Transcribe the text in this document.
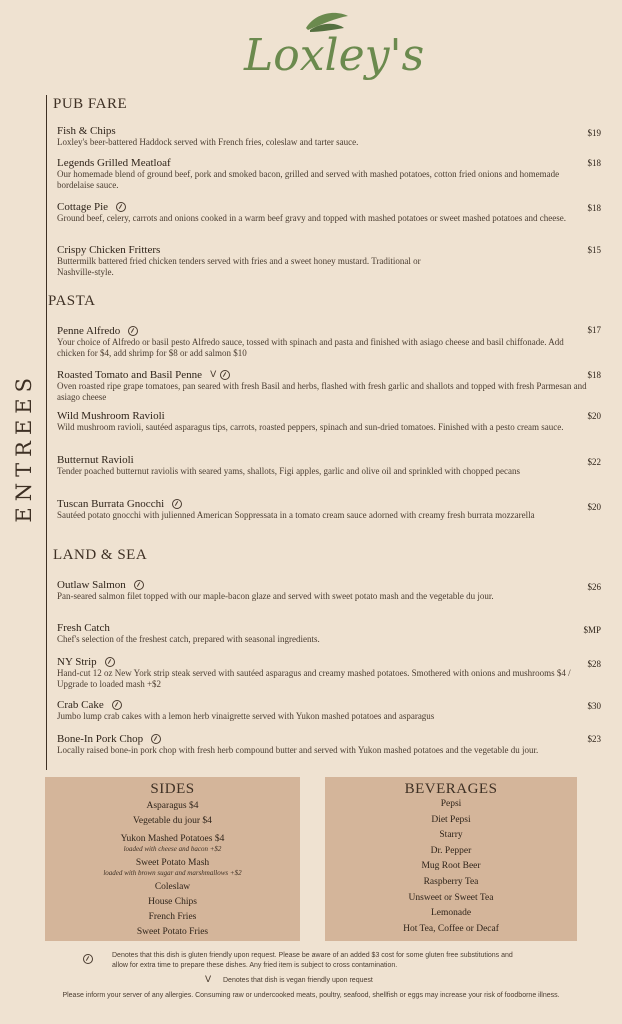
Loxley's
ENTREES
PUB FARE
Fish & Chips

Loxley's beer-battered Haddock served with French fries, coleslaw and tarter sauce.

$19
Legends Grilled Meatloaf

Our homemade blend of ground beef, pork and smoked bacon, grilled and served with mashed potatoes, cotton fried onions and homemade bordelaise sauce.

$18
Cottage Pie

Ground beef, celery, carrots and onions cooked in a warm beef gravy and topped with mashed potatoes or sweet mashed potatoes and cheese.

$18
Crispy Chicken Fritters

Buttermilk battered fried chicken tenders served with fries and a sweet honey mustard. Traditional or Nashville-style.

$15
PASTA
Penne Alfredo

Your choice of Alfredo or basil pesto Alfredo sauce, tossed with spinach and pasta and finished with asiago cheese and basil chiffonade. Add chicken for $4, add shrimp for $8 or add salmon $10

$17
Roasted Tomato and Basil Penne V

Oven roasted ripe grape tomatoes, pan seared with fresh Basil and herbs, flashed with fresh garlic and shallots and topped with fresh Parmesan and asiago cheese

$18
Wild Mushroom Ravioli

Wild mushroom ravioli, sautéed asparagus tips, carrots, roasted peppers, spinach and sun-dried tomatoes. Finished with a pesto cream sauce.

$20
Butternut Ravioli

Tender poached butternut raviolis with seared yams, shallots, Figi apples, garlic and olive oil and sprinkled with chopped pecans

$22
Tuscan Burrata Gnocchi

Sautéed potato gnocchi with julienned American Soppressata in a tomato cream sauce adorned with creamy fresh burrata mozzarella

$20
LAND & SEA
Outlaw Salmon

Pan-seared salmon filet topped with our maple-bacon glaze and served with sweet potato mash and the vegetable du jour.

$26
Fresh Catch

Chef's selection of the freshest catch, prepared with seasonal ingredients.

$MP
NY Strip

Hand-cut 12 oz New York strip steak served with sautéed asparagus and creamy mashed potatoes. Smothered with onions and mushrooms $4 / Upgrade to loaded mash +$2

$28
Crab Cake

Jumbo lump crab cakes with a lemon herb vinaigrette served with Yukon mashed potatoes and asparagus

$30
Bone-In Pork Chop

Locally raised bone-in pork chop with fresh herb compound butter and served with Yukon mashed potatoes and the vegetable du jour.

$23
SIDES
Asparagus $4
Vegetable du jour $4
Yukon Mashed Potatoes $4
loaded with cheese and bacon +$2
Sweet Potato Mash
loaded with brown sugar and marshmallows +$2
Coleslaw
House Chips
French Fries
Sweet Potato Fries
BEVERAGES
Pepsi
Diet Pepsi
Starry
Dr. Pepper
Mug Root Beer
Raspberry Tea
Unsweet or Sweet Tea
Lemonade
Hot Tea, Coffee or Decaf
Denotes that this dish is gluten friendly upon request. Please be aware of an added $3 cost for some gluten free substitutions and allow for extra time to prepare these dishes. Any fried item is subject to cross contamination.
V Denotes that dish is vegan friendly upon request
Please inform your server of any allergies. Consuming raw or undercooked meats, poultry, seafood, shellfish or eggs may increase your risk of foodborne illness.
